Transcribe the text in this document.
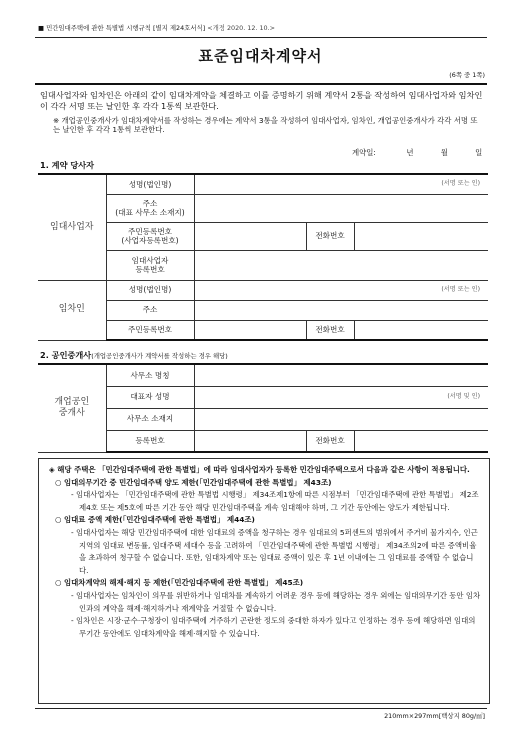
■ 민간임대주택에 관한 특별법 시행규칙 [별지 제24호서식] <개정 2020. 12. 10.>
표준임대차계약서
(6쪽 중 1쪽)

임대사업자와 임차인은 아래의 같이 임대차계약을 체결하고 이를 증명하기 위해 계약서 2통을 작성하여 임대사업자와 임차인이 각각 서명 또는 날인한 후 각각 1통씩 보관한다.

※ 개업공인중개사가 임대차계약서를 작성하는 경우에는 계약서 3통을 작성하여 임대사업자, 임차인, 개업공인중개사가 각각 서명 또는 날인한 후 각각 1통씩 보관한다.
계약일:	년	월	일
1. 계약 당사자
임대사업자	성명(법인명)	(서명 또는 인)		
	주소
(대표 사무소 소재지)			
	주민등록번호
(사업자등록번호)		전화번호	
	임대사업자
등록번호			
임차인	성명(법인명)	(서명 또는 인)		
	주소			
	주민등록번호		전화번호	
2. 공인중개사(개업공인중개사가 계약서를 작성하는 경우 해당)
개업공인
중개사	사무소 명칭			
	대표자 성명	(서명 및 인)		
	사무소 소재지			
	등록번호		전화번호	

◈ 해당 주택은 「민간임대주택에 관한 특별법」에 따라 임대사업자가 등록한 민간임대주택으로서 다음과 같은 사항이 적용됩니다.

○ 임대의무기간 중 민간임대주택 양도 제한(「민간임대주택에 관한 특별법」 제43조)

- 임대사업자는 「민간임대주택에 관한 특별법 시행령」 제34조제1항에 따른 시점부터 「민간임대주택에 관한 특별법」 제2조제4호 또는 제5호에 따른 기간 동안 해당 민간임대주택을 계속 임대해야 하며, 그 기간 동안에는 양도가 제한됩니다.

○ 임대료 증액 제한(「민간임대주택에 관한 특별법」 제44조)

- 임대사업자는 해당 민간임대주택에 대한 임대료의 증액을 청구하는 경우 임대료의 5퍼센트의 범위에서 주거비 물가지수, 인근 지역의 임대료 변동률, 임대주택 세대수 등을 고려하여 「민간임대주택에 관한 특별법 시행령」 제34조의2에 따른 증액비율을 초과하여 청구할 수 없습니다. 또한, 임대차계약 또는 임대료 증액이 있은 후 1년 이내에는 그 임대료를 증액할 수 없습니다.

○ 임대차계약의 해제·해지 등 제한(「민간임대주택에 관한 특별법」 제45조)

- 임대사업자는 임차인이 의무를 위반하거나 임대차를 계속하기 어려운 경우 등에 해당하는 경우 외에는 임대의무기간 동안 임차인과의 계약을 해제·해지하거나 재계약을 거절할 수 없습니다.

- 임차인은 시장·군수·구청장이 임대주택에 거주하기 곤란한 정도의 중대한 하자가 있다고 인정하는 경우 등에 해당하면 임대의무기간 동안에도 임대차계약을 해제·해지할 수 있습니다.

210mm×297mm[백상지 80g/㎡]
